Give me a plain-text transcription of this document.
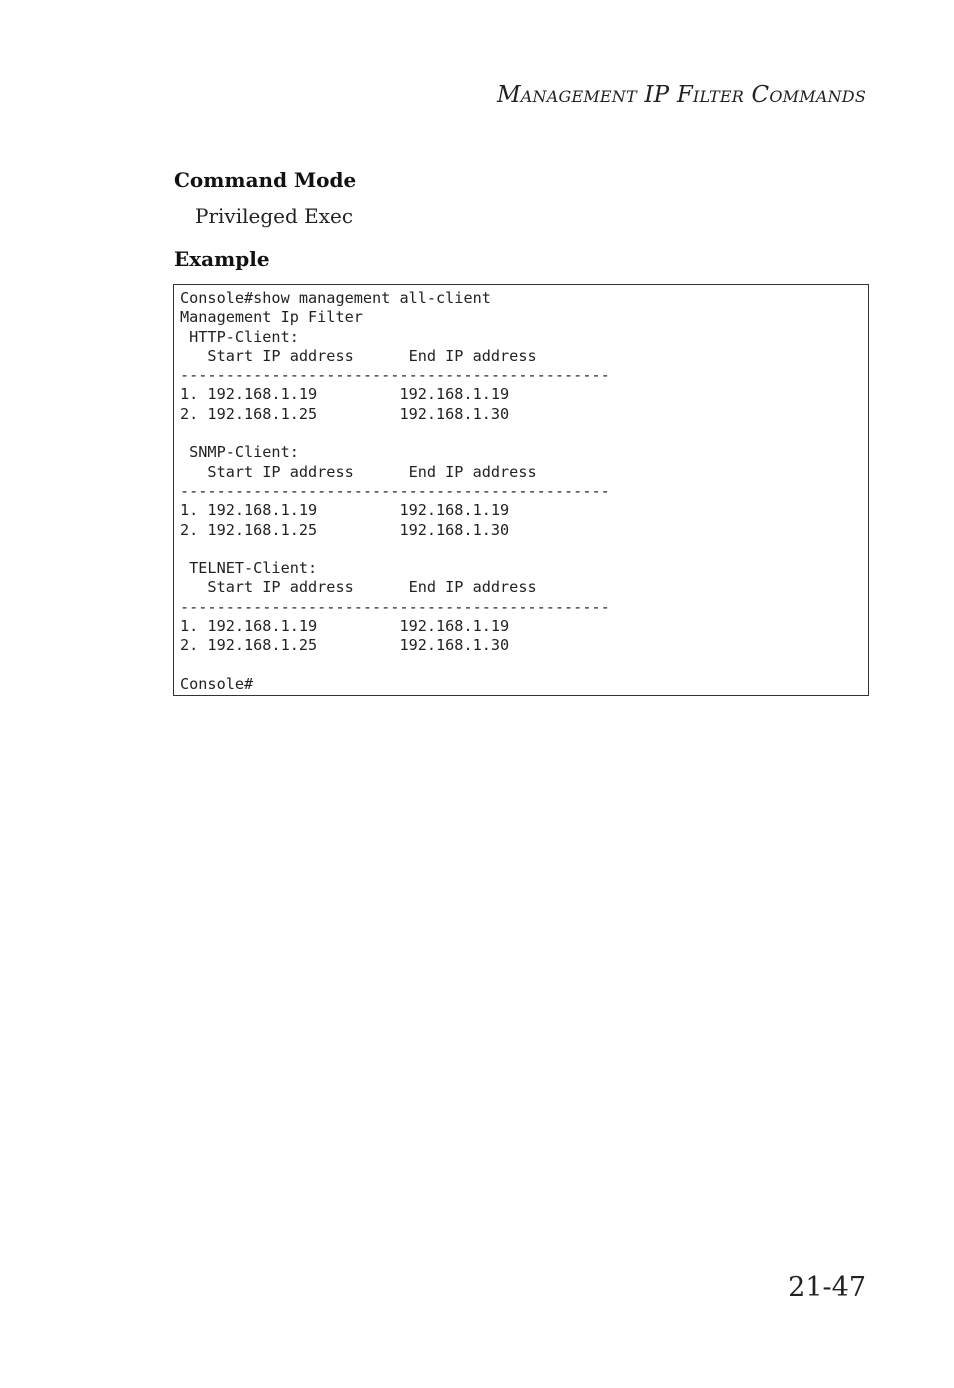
Management IP Filter Commands
Command Mode

Privileged Exec

Example
Console#show management all-client
Management Ip Filter
HTTP-Client:
Start IP address      End IP address
-----------------------------------------------
1. 192.168.1.19         192.168.1.19
2. 192.168.1.25         192.168.1.30
SNMP-Client:
Start IP address      End IP address
-----------------------------------------------
1. 192.168.1.19         192.168.1.19
2. 192.168.1.25         192.168.1.30
TELNET-Client:
Start IP address      End IP address
-----------------------------------------------
1. 192.168.1.19         192.168.1.19
2. 192.168.1.25         192.168.1.30
Console#
21-47
